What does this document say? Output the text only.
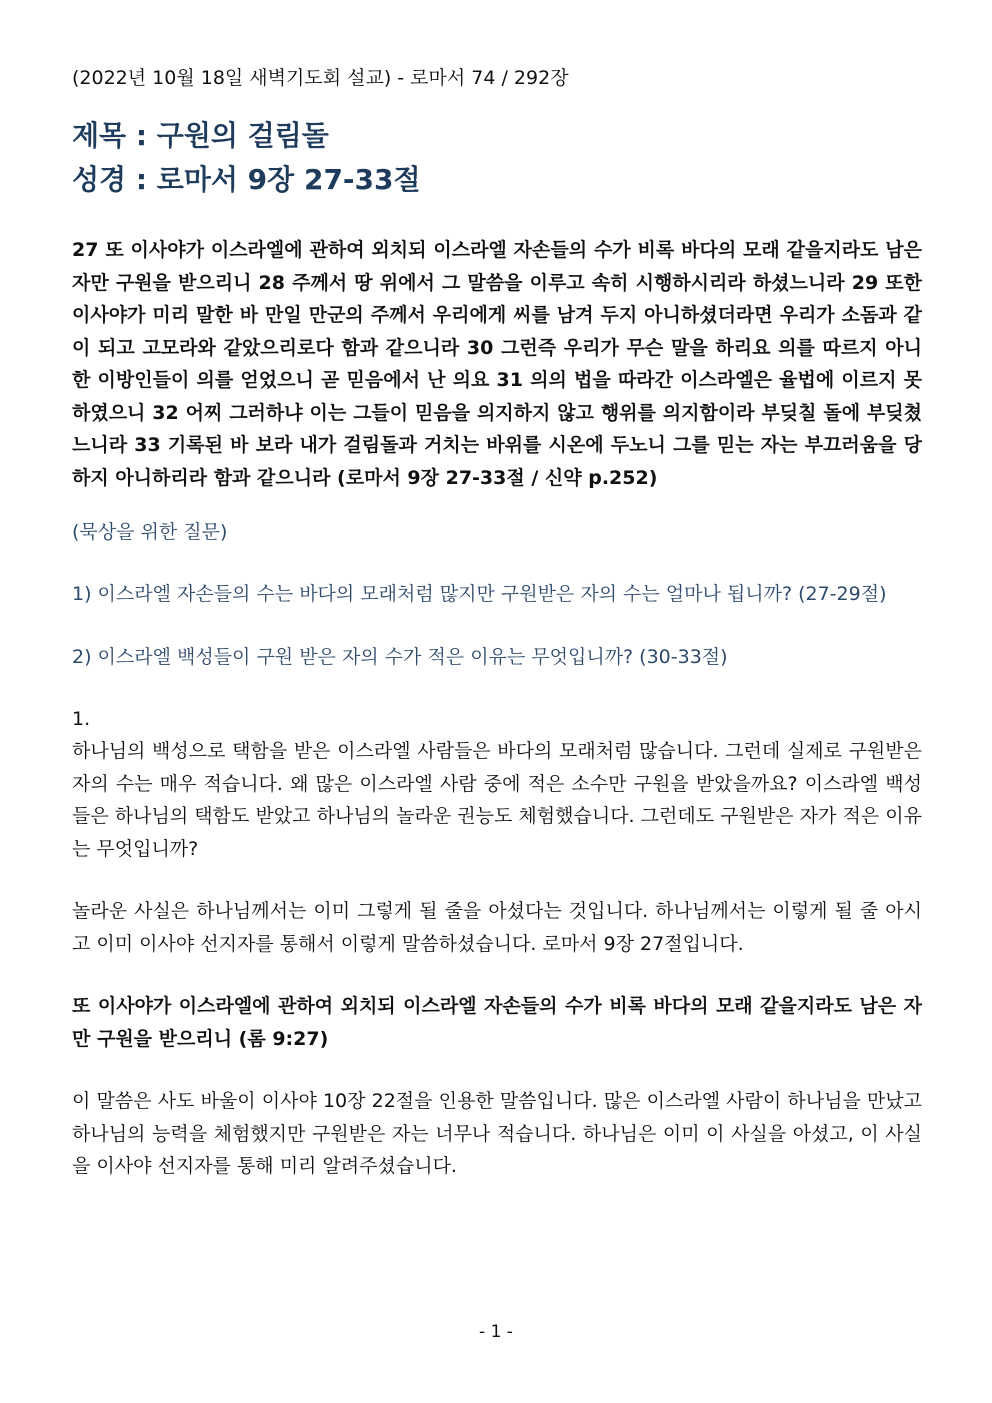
(2022년 10월 18일 새벽기도회 설교) - 로마서 74 / 292장

제목 : 구원의 걸림돌
성경 : 로마서 9장 27-33절

27 또 이사야가 이스라엘에 관하여 외치되 이스라엘 자손들의 수가 비록 바다의 모래 같을지라도 남은 자만 구원을 받으리니 28 주께서 땅 위에서 그 말씀을 이루고 속히 시행하시리라 하셨느니라 29 또한 이사야가 미리 말한 바 만일 만군의 주께서 우리에게 씨를 남겨 두지 아니하셨더라면 우리가 소돔과 같이 되고 고모라와 같았으리로다 함과 같으니라 30 그런즉 우리가 무슨 말을 하리요 의를 따르지 아니한 이방인들이 의를 얻었으니 곧 믿음에서 난 의요 31 의의 법을 따라간 이스라엘은 율법에 이르지 못하였으니 32 어찌 그러하냐 이는 그들이 믿음을 의지하지 않고 행위를 의지함이라 부딪칠 돌에 부딪쳤느니라 33 기록된 바 보라 내가 걸림돌과 거치는 바위를 시온에 두노니 그를 믿는 자는 부끄러움을 당하지 아니하리라 함과 같으니라 (로마서 9장 27-33절 / 신약 p.252)

(묵상을 위한 질문)

1) 이스라엘 자손들의 수는 바다의 모래처럼 많지만 구원받은 자의 수는 얼마나 됩니까? (27-29절)

2) 이스라엘 백성들이 구원 받은 자의 수가 적은 이유는 무엇입니까? (30-33절)

1.

하나님의 백성으로 택함을 받은 이스라엘 사람들은 바다의 모래처럼 많습니다. 그런데 실제로 구원받은 자의 수는 매우 적습니다. 왜 많은 이스라엘 사람 중에 적은 소수만 구원을 받았을까요? 이스라엘 백성들은 하나님의 택함도 받았고 하나님의 놀라운 권능도 체험했습니다. 그런데도 구원받은 자가 적은 이유는 무엇입니까?

놀라운 사실은 하나님께서는 이미 그렇게 될 줄을 아셨다는 것입니다. 하나님께서는 이렇게 될 줄 아시고 이미 이사야 선지자를 통해서 이렇게 말씀하셨습니다. 로마서 9장 27절입니다.

또 이사야가 이스라엘에 관하여 외치되 이스라엘 자손들의 수가 비록 바다의 모래 같을지라도 남은 자만 구원을 받으리니 (롬 9:27)

이 말씀은 사도 바울이 이사야 10장 22절을 인용한 말씀입니다. 많은 이스라엘 사람이 하나님을 만났고 하나님의 능력을 체험했지만 구원받은 자는 너무나 적습니다. 하나님은 이미 이 사실을 아셨고, 이 사실을 이사야 선지자를 통해 미리 알려주셨습니다.

- 1 -
